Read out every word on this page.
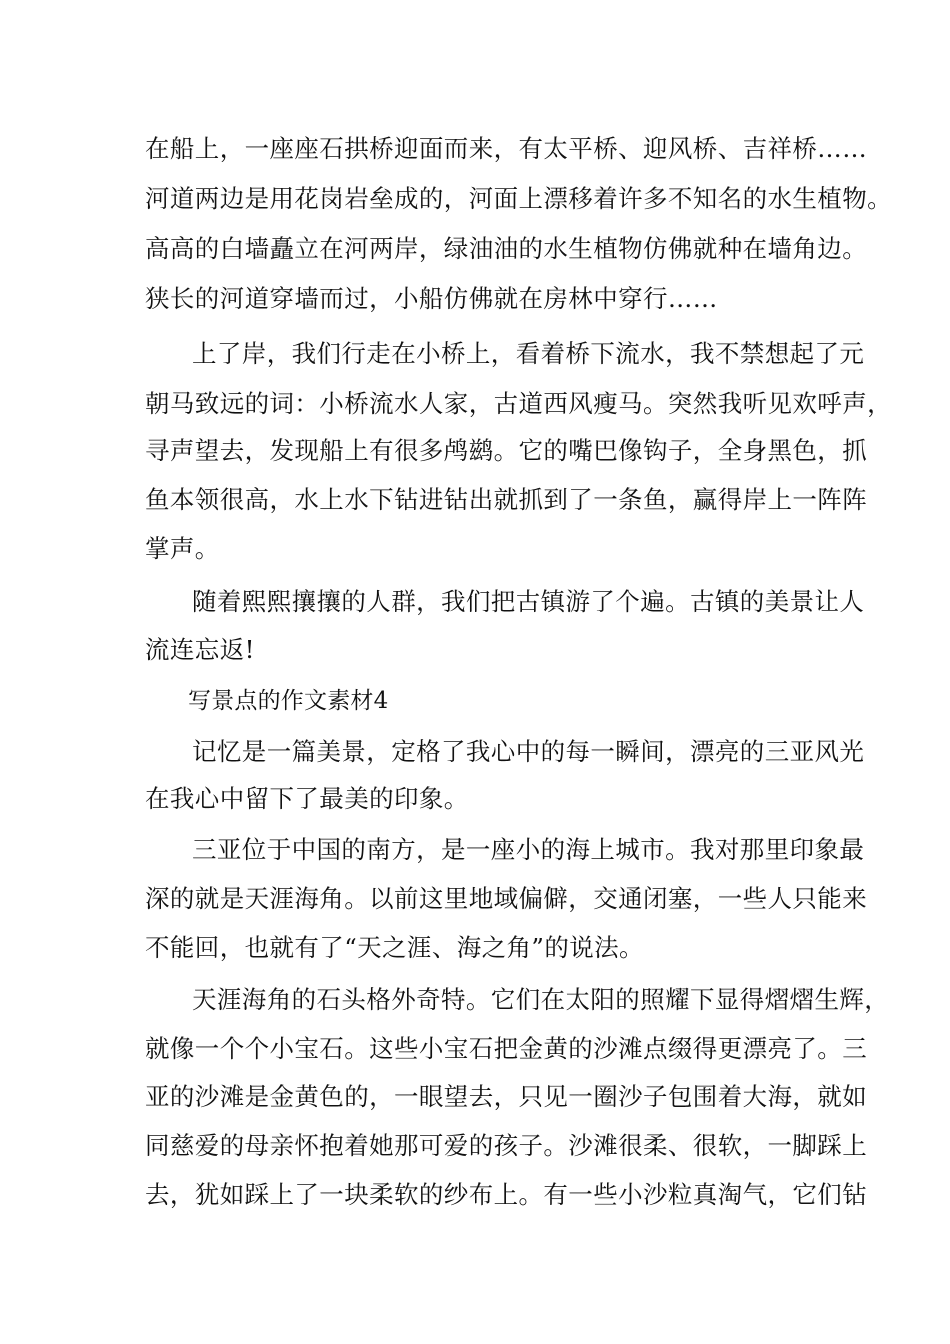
在船上，一座座石拱桥迎面而来，有太平桥、迎风桥、吉祥桥……
河道两边是用花岗岩垒成的，河面上漂移着许多不知名的水生植物。
高高的白墙矗立在河两岸，绿油油的水生植物仿佛就种在墙角边。
狭长的河道穿墙而过，小船仿佛就在房林中穿行……
上了岸，我们行走在小桥上，看着桥下流水，我不禁想起了元
朝马致远的词：小桥流水人家，古道西风瘦马。突然我听见欢呼声，
寻声望去，发现船上有很多鸬鹚。它的嘴巴像钩子，全身黑色，抓
鱼本领很高，水上水下钻进钻出就抓到了一条鱼，赢得岸上一阵阵
掌声。
随着熙熙攘攘的人群，我们把古镇游了个遍。古镇的美景让人
流连忘返!
写景点的作文素材4
记忆是一篇美景，定格了我心中的每一瞬间，漂亮的三亚风光
在我心中留下了最美的印象。
三亚位于中国的南方，是一座小的海上城市。我对那里印象最
深的就是天涯海角。以前这里地域偏僻，交通闭塞，一些人只能来
不能回，也就有了“天之涯、海之角”的说法。
天涯海角的石头格外奇特。它们在太阳的照耀下显得熠熠生辉，
就像一个个小宝石。这些小宝石把金黄的沙滩点缀得更漂亮了。三
亚的沙滩是金黄色的，一眼望去，只见一圈沙子包围着大海，就如
同慈爱的母亲怀抱着她那可爱的孩子。沙滩很柔、很软，一脚踩上
去，犹如踩上了一块柔软的纱布上。有一些小沙粒真淘气，它们钻
